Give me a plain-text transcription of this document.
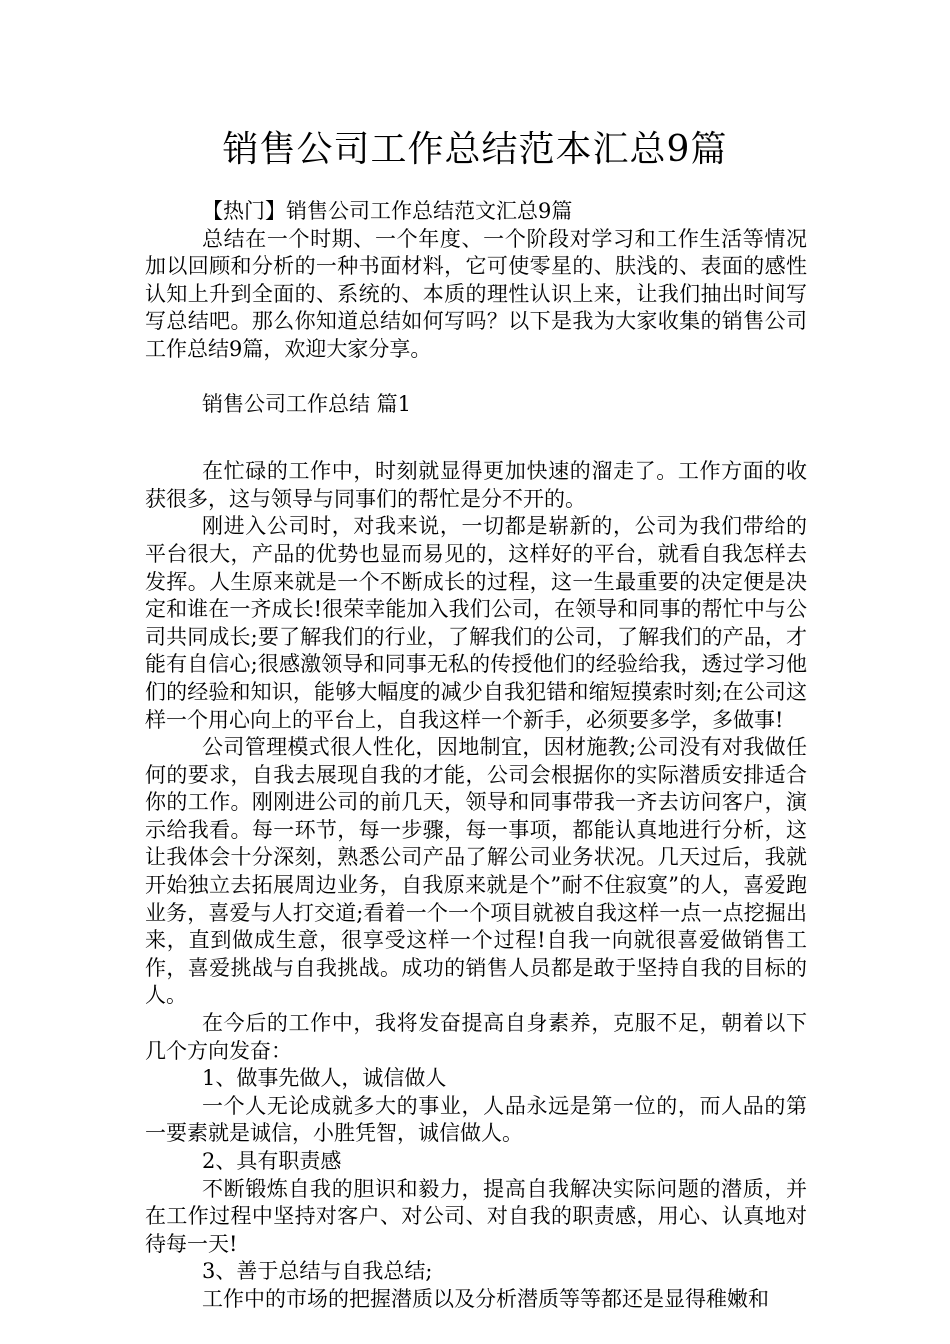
销售公司工作总结范本汇总9篇

【热门】销售公司工作总结范文汇总9篇

总结在一个时期、一个年度、一个阶段对学习和工作生活等情况加以回顾和分析的一种书面材料，它可使零星的、肤浅的、表面的感性认知上升到全面的、系统的、本质的理性认识上来，让我们抽出时间写写总结吧。那么你知道总结如何写吗？以下是我为大家收集的销售公司工作总结9篇，欢迎大家分享。

销售公司工作总结 篇1

在忙碌的工作中，时刻就显得更加快速的溜走了。工作方面的收获很多，这与领导与同事们的帮忙是分不开的。

刚进入公司时，对我来说，一切都是崭新的，公司为我们带给的平台很大，产品的优势也显而易见的，这样好的平台，就看自我怎样去发挥。人生原来就是一个不断成长的过程，这一生最重要的决定便是决定和谁在一齐成长!很荣幸能加入我们公司，在领导和同事的帮忙中与公司共同成长;要了解我们的行业，了解我们的公司，了解我们的产品，才能有自信心;很感激领导和同事无私的传授他们的经验给我，透过学习他们的经验和知识，能够大幅度的减少自我犯错和缩短摸索时刻;在公司这样一个用心向上的平台上，自我这样一个新手，必须要多学，多做事!

公司管理模式很人性化，因地制宜，因材施教;公司没有对我做任何的要求，自我去展现自我的才能，公司会根据你的实际潜质安排适合你的工作。刚刚进公司的前几天，领导和同事带我一齐去访问客户，演示给我看。每一环节，每一步骤，每一事项，都能认真地进行分析，这让我体会十分深刻，熟悉公司产品了解公司业务状况。几天过后，我就开始独立去拓展周边业务，自我原来就是个”耐不住寂寞”的人，喜爱跑业务，喜爱与人打交道;看着一个一个项目就被自我这样一点一点挖掘出来，直到做成生意，很享受这样一个过程!自我一向就很喜爱做销售工作，喜爱挑战与自我挑战。成功的销售人员都是敢于坚持自我的目标的人。

在今后的工作中，我将发奋提高自身素养，克服不足，朝着以下几个方向发奋：

1、做事先做人，诚信做人

一个人无论成就多大的事业，人品永远是第一位的，而人品的第一要素就是诚信，小胜凭智，诚信做人。

2、具有职责感

不断锻炼自我的胆识和毅力，提高自我解决实际问题的潜质，并在工作过程中坚持对客户、对公司、对自我的职责感，用心、认真地对待每一天!

3、善于总结与自我总结;

工作中的市场的把握潜质以及分析潜质等等都还是显得稚嫩和
